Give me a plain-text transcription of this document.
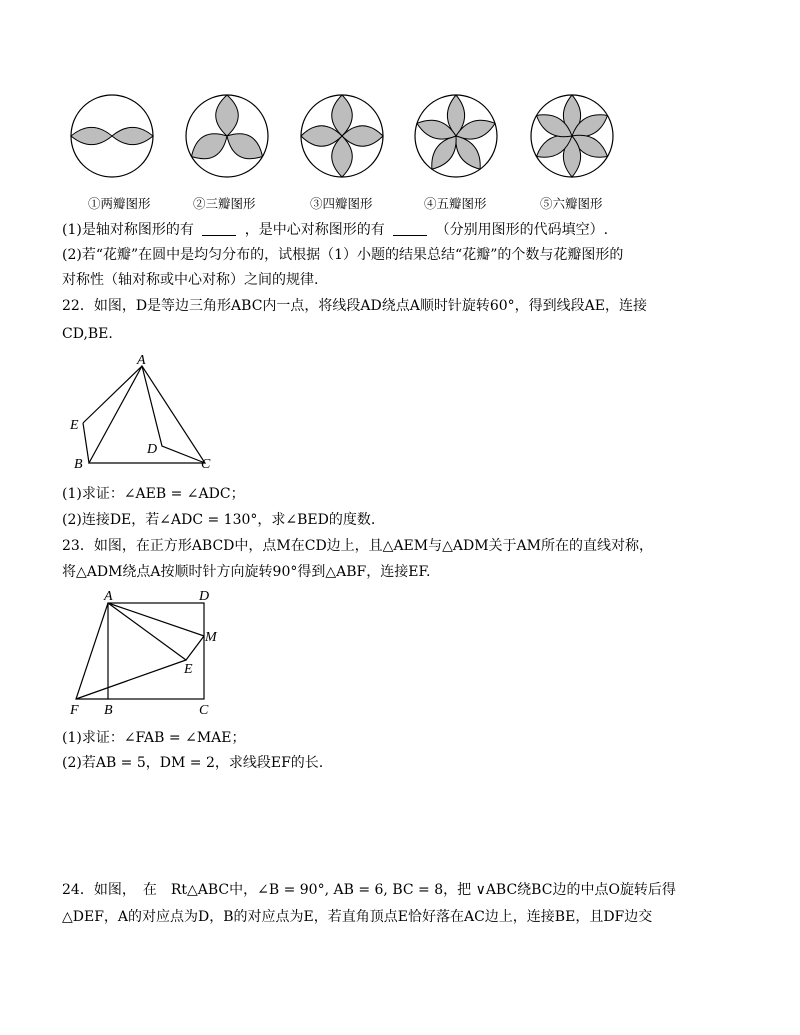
①两瓣图形	②三瓣图形	③四瓣图形	④五瓣图形	⑤六瓣图形
(1)是轴对称图形的有	，是中心对称图形的有	（分别用图形的代码填空）.
(2)若“花瓣”在圆中是均匀分布的，试根据（1）小题的结果总结“花瓣”的个数与花瓣图形的
对称性（轴对称或中心对称）之间的规律.
22．如图，D是等边三角形ABC内一点，将线段AD绕点A顺时针旋转60°，得到线段AE，连接
CD,BE.
A
E
D
B	C
(1)求证：∠AEB = ∠ADC；
(2)连接DE，若∠ADC = 130°，求∠BED的度数.
23．如图，在正方形ABCD中，点M在CD边上，且△AEM与△ADM关于AM所在的直线对称，
将△ADM绕点A按顺时针方向旋转90°得到△ABF，连接EF.
A	D
M
E
F B	C
(1)求证：∠FAB = ∠MAE；
(2)若AB = 5，DM = 2，求线段EF的长.
24．如图，　在　Rt△ABC中，∠B = 90°, AB = 6, BC = 8，把 ∨ABC绕BC边的中点O旋转后得
△DEF，A的对应点为D，B的对应点为E，若直角顶点E恰好落在AC边上，连接BE，且DF边交
